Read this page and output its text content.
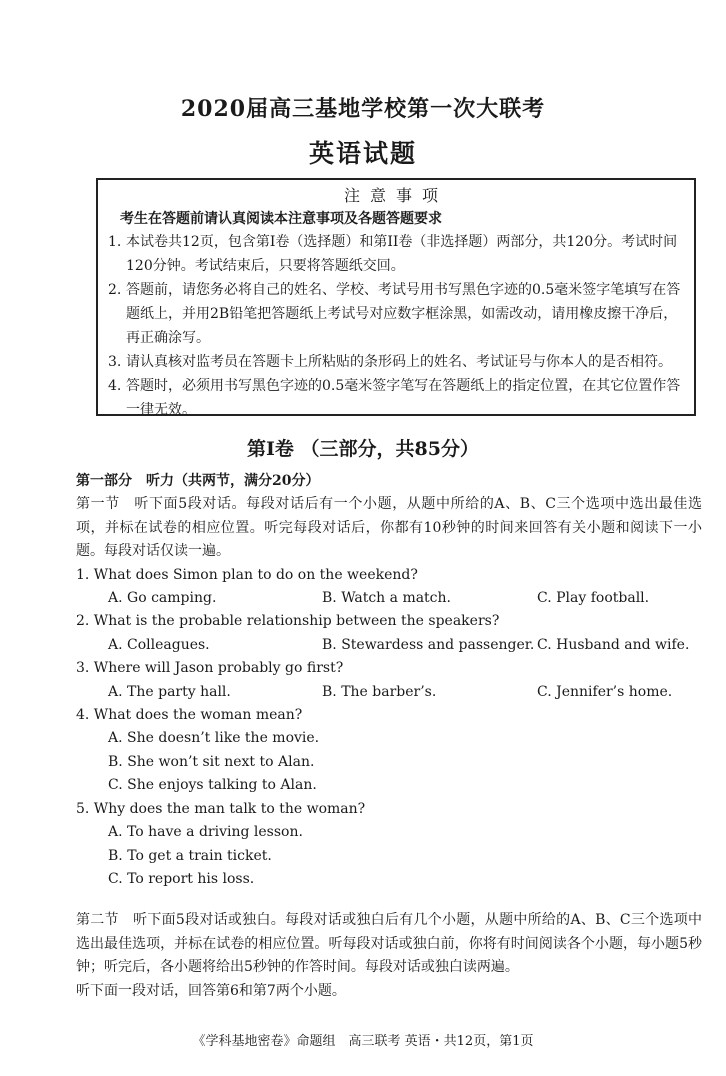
2020届高三基地学校第一次大联考
英语试题
注意事项
考生在答题前请认真阅读本注意事项及各题答题要求
1. 本试卷共12页，包含第I卷（选择题）和第II卷（非选择题）两部分，共120分。考试时间120分钟。考试结束后，只要将答题纸交回。
2. 答题前，请您务必将自己的姓名、学校、考试号用书写黑色字迹的0.5毫米签字笔填写在答题纸上，并用2B铅笔把答题纸上考试号对应数字框涂黑，如需改动，请用橡皮擦干净后，再正确涂写。
3. 请认真核对监考员在答题卡上所粘贴的条形码上的姓名、考试证号与你本人的是否相符。
4. 答题时，必须用书写黑色字迹的0.5毫米签字笔写在答题纸上的指定位置，在其它位置作答一律无效。
第I卷 （三部分，共85分）
第一部分　听力（共两节，满分20分）
第一节　听下面5段对话。每段对话后有一个小题，从题中所给的A、B、C三个选项中选出最佳选项，并标在试卷的相应位置。听完每段对话后，你都有10秒钟的时间来回答有关小题和阅读下一小题。每段对话仅读一遍。
1. What does Simon plan to do on the weekend?
A. Go camping.	B. Watch a match.	C. Play football.
2. What is the probable relationship between the speakers?
A. Colleagues.	B. Stewardess and passenger. C. Husband and wife.
3. Where will Jason probably go first?
A. The party hall.	B. The barber’s.	C. Jennifer’s home.
4. What does the woman mean?
A. She doesn’t like the movie.
B. She won’t sit next to Alan.
C. She enjoys talking to Alan.
5. Why does the man talk to the woman?
A. To have a driving lesson.
B. To get a train ticket.
C. To report his loss.
第二节　听下面5段对话或独白。每段对话或独白后有几个小题，从题中所给的A、B、C三个选项中选出最佳选项，并标在试卷的相应位置。听每段对话或独白前，你将有时间阅读各个小题，每小题5秒钟；听完后，各小题将给出5秒钟的作答时间。每段对话或独白读两遍。
听下面一段对话，回答第6和第7两个小题。
《学科基地密卷》命题组　高三联考 英语・共12页，第1页
